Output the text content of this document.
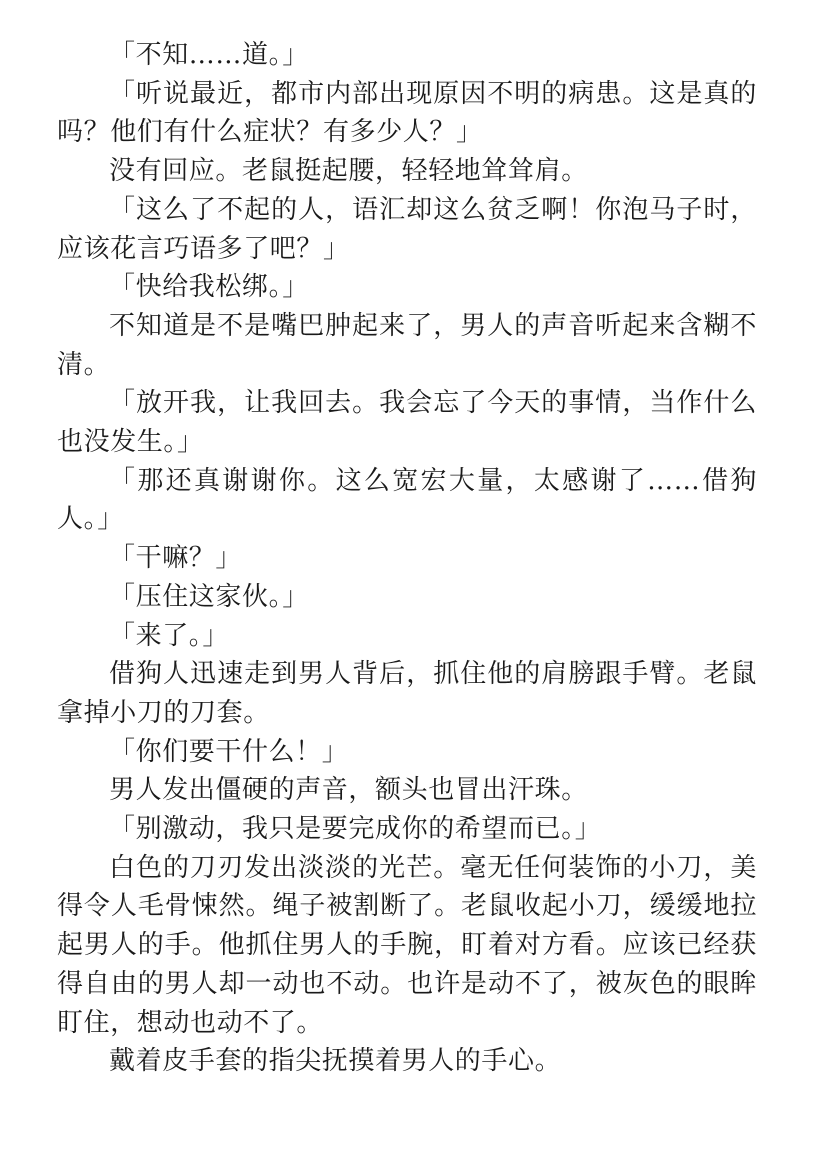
「不知……道。」

「听说最近，都市内部出现原因不明的病患。这是真的吗？他们有什么症状？有多少人？」

没有回应。老鼠挺起腰，轻轻地耸耸肩。

「这么了不起的人，语汇却这么贫乏啊！你泡马子时，应该花言巧语多了吧？」

「快给我松绑。」

不知道是不是嘴巴肿起来了，男人的声音听起来含糊不清。

「放开我，让我回去。我会忘了今天的事情，当作什么也没发生。」

「那还真谢谢你。这么宽宏大量，太感谢了……借狗人。」

「干嘛？」

「压住这家伙。」

「来了。」

借狗人迅速走到男人背后，抓住他的肩膀跟手臂。老鼠拿掉小刀的刀套。

「你们要干什么！」

男人发出僵硬的声音，额头也冒出汗珠。

「别激动，我只是要完成你的希望而已。」

白色的刀刃发出淡淡的光芒。毫无任何装饰的小刀，美得令人毛骨悚然。绳子被割断了。老鼠收起小刀，缓缓地拉起男人的手。他抓住男人的手腕，盯着对方看。应该已经获得自由的男人却一动也不动。也许是动不了，被灰色的眼眸盯住，想动也动不了。

戴着皮手套的指尖抚摸着男人的手心。
